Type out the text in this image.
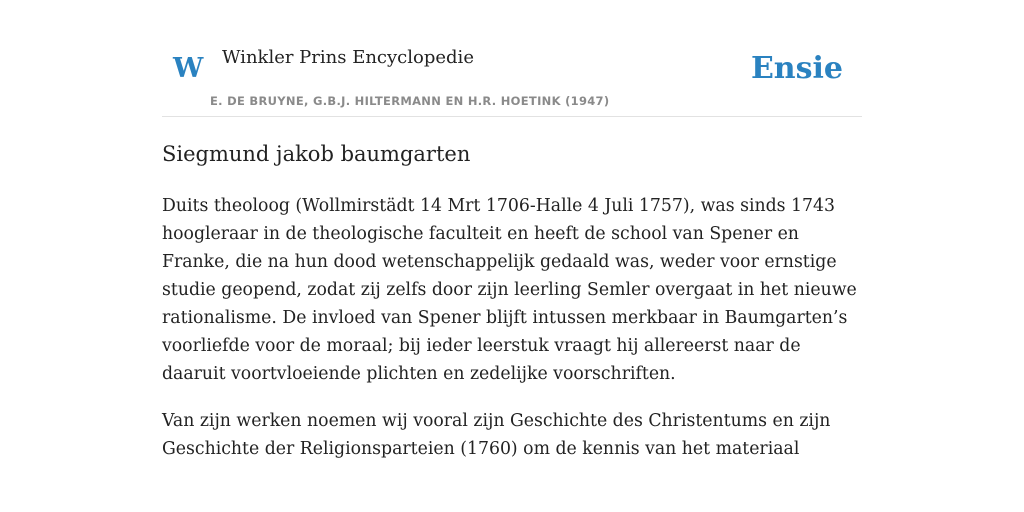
W Winkler Prins Encyclopedie
E. DE BRUYNE, G.B.J. HILTERMANN EN H.R. HOETINK (1947)
Ensie
Siegmund jakob baumgarten

Duits theoloog (Wollmirstädt 14 Mrt 1706-Halle 4 Juli 1757), was sinds 1743 hoogleraar in de theologische faculteit en heeft de school van Spener en Franke, die na hun dood wetenschappelijk gedaald was, weder voor ernstige studie geopend, zodat zij zelfs door zijn leerling Semler overgaat in het nieuwe rationalisme. De invloed van Spener blijft intussen merkbaar in Baumgarten’s voorliefde voor de moraal; bij ieder leerstuk vraagt hij allereerst naar de daaruit voortvloeiende plichten en zedelijke voorschriften.

Van zijn werken noemen wij vooral zijn Geschichte des Christentums en zijn Geschichte der Religionsparteien (1760) om de kennis van het materiaal
